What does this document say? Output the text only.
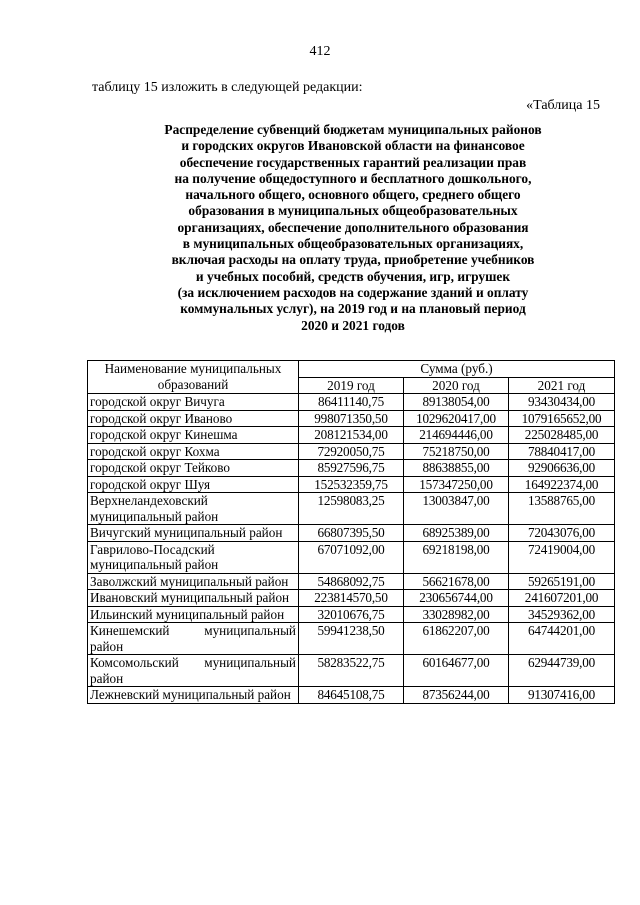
412
таблицу 15 изложить в следующей редакции:
«Таблица 15
Распределение субвенций бюджетам муниципальных районов
и городских округов Ивановской области на финансовое
обеспечение государственных гарантий реализации прав
на получение общедоступного и бесплатного дошкольного,
начального общего, основного общего, среднего общего
образования в муниципальных общеобразовательных
организациях, обеспечение дополнительного образования
в муниципальных общеобразовательных организациях,
включая расходы на оплату труда, приобретение учебников
и учебных пособий, средств обучения, игр, игрушек
(за исключением расходов на содержание зданий и оплату
коммунальных услуг), на 2019 год и на плановый период
2020 и 2021 годов
Наименование муниципальных образований	Сумма (руб.)		
	2019 год	2020 год	2021 год
городской округ Вичуга	86411140,75	89138054,00	93430434,00
городской округ Иваново	998071350,50	1029620417,00	1079165652,00
городской округ Кинешма	208121534,00	214694446,00	225028485,00
городской округ Кохма	72920050,75	75218750,00	78840417,00
городской округ Тейково	85927596,75	88638855,00	92906636,00
городской округ Шуя	152532359,75	157347250,00	164922374,00
Верхнеландеховский муниципальный район	12598083,25	13003847,00	13588765,00
Вичугский муниципальный район	66807395,50	68925389,00	72043076,00
Гаврилово-Посадский муниципальный район	67071092,00	69218198,00	72419004,00
Заволжский муниципальный район	54868092,75	56621678,00	59265191,00
Ивановский муниципальный район	223814570,50	230656744,00	241607201,00
Ильинский муниципальный район	32010676,75	33028982,00	34529362,00
Кинешемский муниципальный район	59941238,50	61862207,00	64744201,00
Комсомольский муниципальный район	58283522,75	60164677,00	62944739,00
Лежневский муниципальный район	84645108,75	87356244,00	91307416,00
